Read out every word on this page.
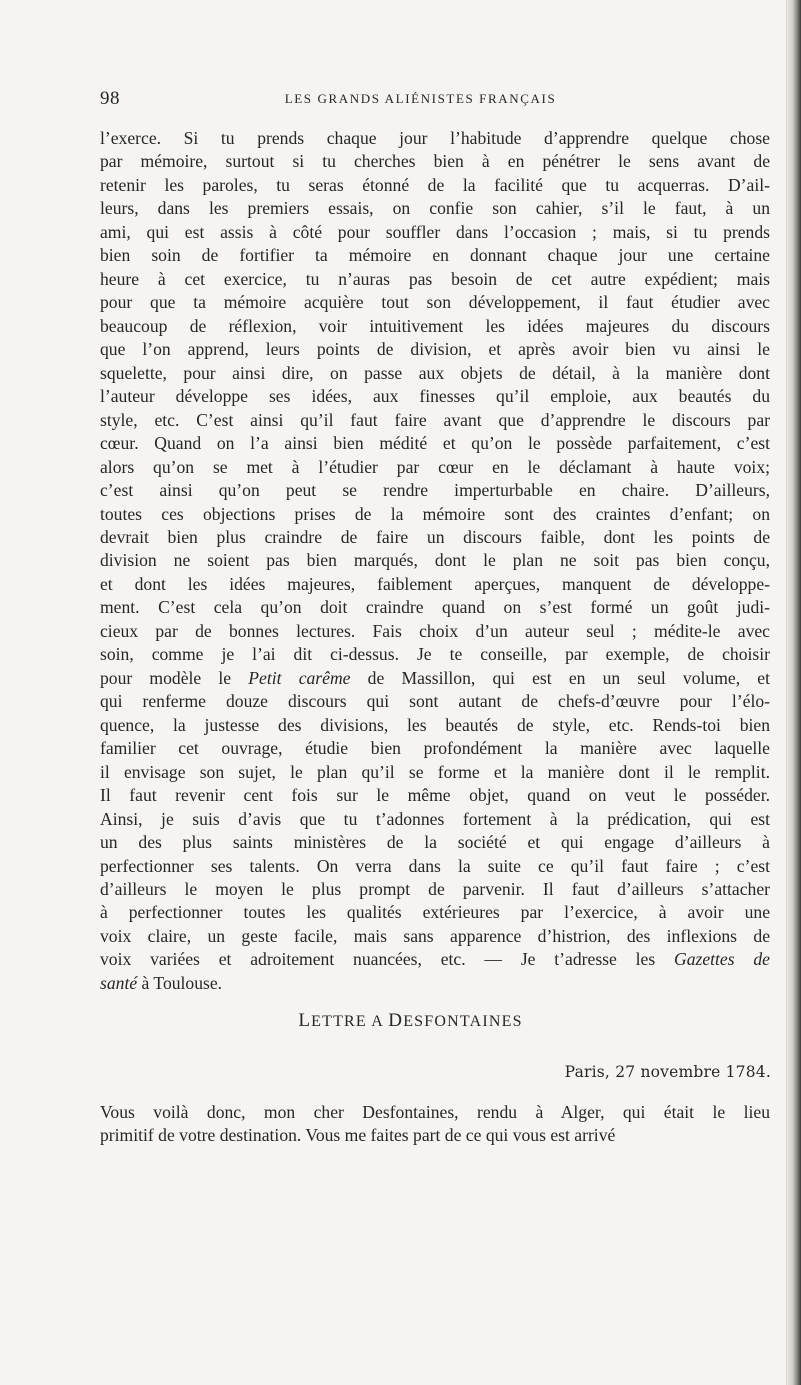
98	LES GRANDS ALIÉNISTES FRANÇAIS
l’exerce. Si tu prends chaque jour l’habitude d’apprendre quelque chose
par mémoire, surtout si tu cherches bien à en pénétrer le sens avant de
retenir les paroles, tu seras étonné de la facilité que tu acquerras. D’ail-
leurs, dans les premiers essais, on confie son cahier, s’il le faut, à un
ami, qui est assis à côté pour souffler dans l’occasion ; mais, si tu prends
bien soin de fortifier ta mémoire en donnant chaque jour une certaine
heure à cet exercice, tu n’auras pas besoin de cet autre expédient; mais
pour que ta mémoire acquière tout son développement, il faut étudier avec
beaucoup de réflexion, voir intuitivement les idées majeures du discours
que l’on apprend, leurs points de division, et après avoir bien vu ainsi le
squelette, pour ainsi dire, on passe aux objets de détail, à la manière dont
l’auteur développe ses idées, aux finesses qu’il emploie, aux beautés du
style, etc. C’est ainsi qu’il faut faire avant que d’apprendre le discours par
cœur. Quand on l’a ainsi bien médité et qu’on le possède parfaitement, c’est
alors qu’on se met à l’étudier par cœur en le déclamant à haute voix;
c’est ainsi qu’on peut se rendre imperturbable en chaire. D’ailleurs,
toutes ces objections prises de la mémoire sont des craintes d’enfant; on
devrait bien plus craindre de faire un discours faible, dont les points de
division ne soient pas bien marqués, dont le plan ne soit pas bien conçu,
et dont les idées majeures, faiblement aperçues, manquent de développe-
ment. C’est cela qu’on doit craindre quand on s’est formé un goût judi-
cieux par de bonnes lectures. Fais choix d’un auteur seul ; médite-le avec
soin, comme je l’ai dit ci-dessus. Je te conseille, par exemple, de choisir
pour modèle le Petit carême de Massillon, qui est en un seul volume, et
qui renferme douze discours qui sont autant de chefs-d’œuvre pour l’élo-
quence, la justesse des divisions, les beautés de style, etc. Rends-toi bien
familier cet ouvrage, étudie bien profondément la manière avec laquelle
il envisage son sujet, le plan qu’il se forme et la manière dont il le remplit.
Il faut revenir cent fois sur le même objet, quand on veut le posséder.
Ainsi, je suis d’avis que tu t’adonnes fortement à la prédication, qui est
un des plus saints ministères de la société et qui engage d’ailleurs à
perfectionner ses talents. On verra dans la suite ce qu’il faut faire ; c’est
d’ailleurs le moyen le plus prompt de parvenir. Il faut d’ailleurs s’attacher
à perfectionner toutes les qualités extérieures par l’exercice, à avoir une
voix claire, un geste facile, mais sans apparence d’histrion, des inflexions de
voix variées et adroitement nuancées, etc. — Je t’adresse les Gazettes de
santé à Toulouse.
LETTRE A DESFONTAINES
Paris, 27 novembre 1784.
Vous voilà donc, mon cher Desfontaines, rendu à Alger, qui était le lieu
primitif de votre destination. Vous me faites part de ce qui vous est arrivé
